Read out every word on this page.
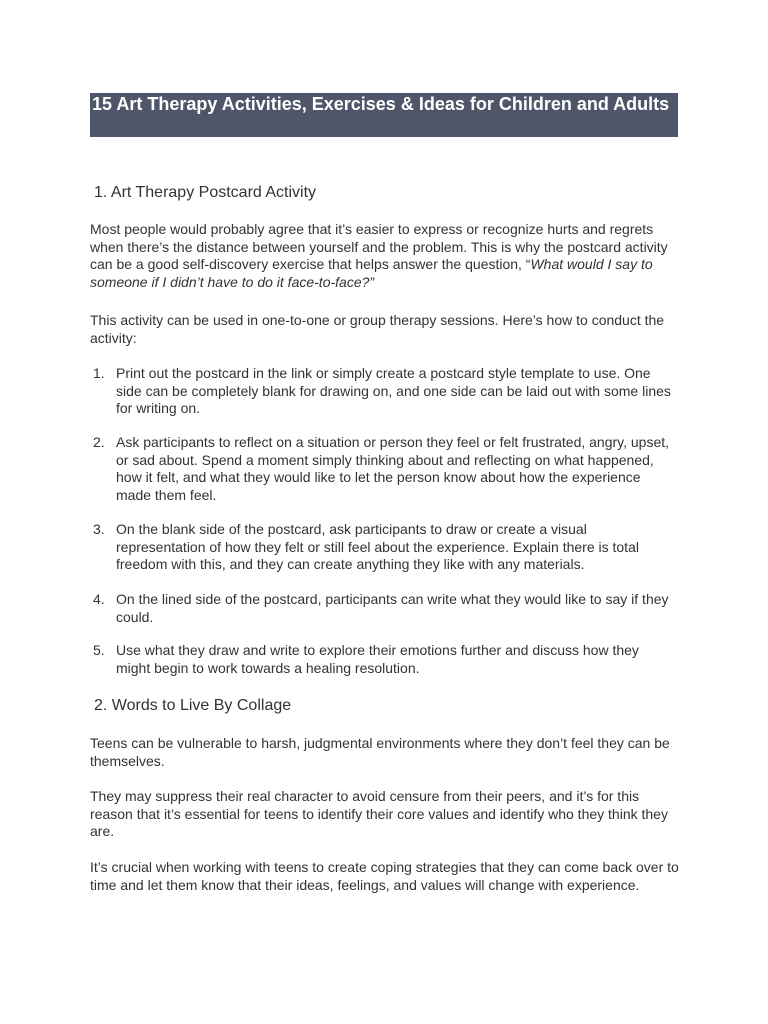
15 Art Therapy Activities, Exercises & Ideas for Children and Adults
1. Art Therapy Postcard Activity

Most people would probably agree that it’s easier to express or recognize hurts and regrets when there’s the distance between yourself and the problem. This is why the postcard activity can be a good self-discovery exercise that helps answer the question, “What would I say to someone if I didn’t have to do it face-to-face?”

This activity can be used in one-to-one or group therapy sessions. Here’s how to conduct the activity:

1. Print out the postcard in the link or simply create a postcard style template to use. One side can be completely blank for drawing on, and one side can be laid out with some lines for writing on.
2. Ask participants to reflect on a situation or person they feel or felt frustrated, angry, upset, or sad about. Spend a moment simply thinking about and reflecting on what happened, how it felt, and what they would like to let the person know about how the experience made them feel.
3. On the blank side of the postcard, ask participants to draw or create a visual representation of how they felt or still feel about the experience. Explain there is total freedom with this, and they can create anything they like with any materials.
4. On the lined side of the postcard, participants can write what they would like to say if they could.
5. Use what they draw and write to explore their emotions further and discuss how they might begin to work towards a healing resolution.
2. Words to Live By Collage

Teens can be vulnerable to harsh, judgmental environments where they don’t feel they can be themselves.

They may suppress their real character to avoid censure from their peers, and it’s for this reason that it’s essential for teens to identify their core values and identify who they think they are.

It’s crucial when working with teens to create coping strategies that they can come back over to time and let them know that their ideas, feelings, and values will change with experience.
